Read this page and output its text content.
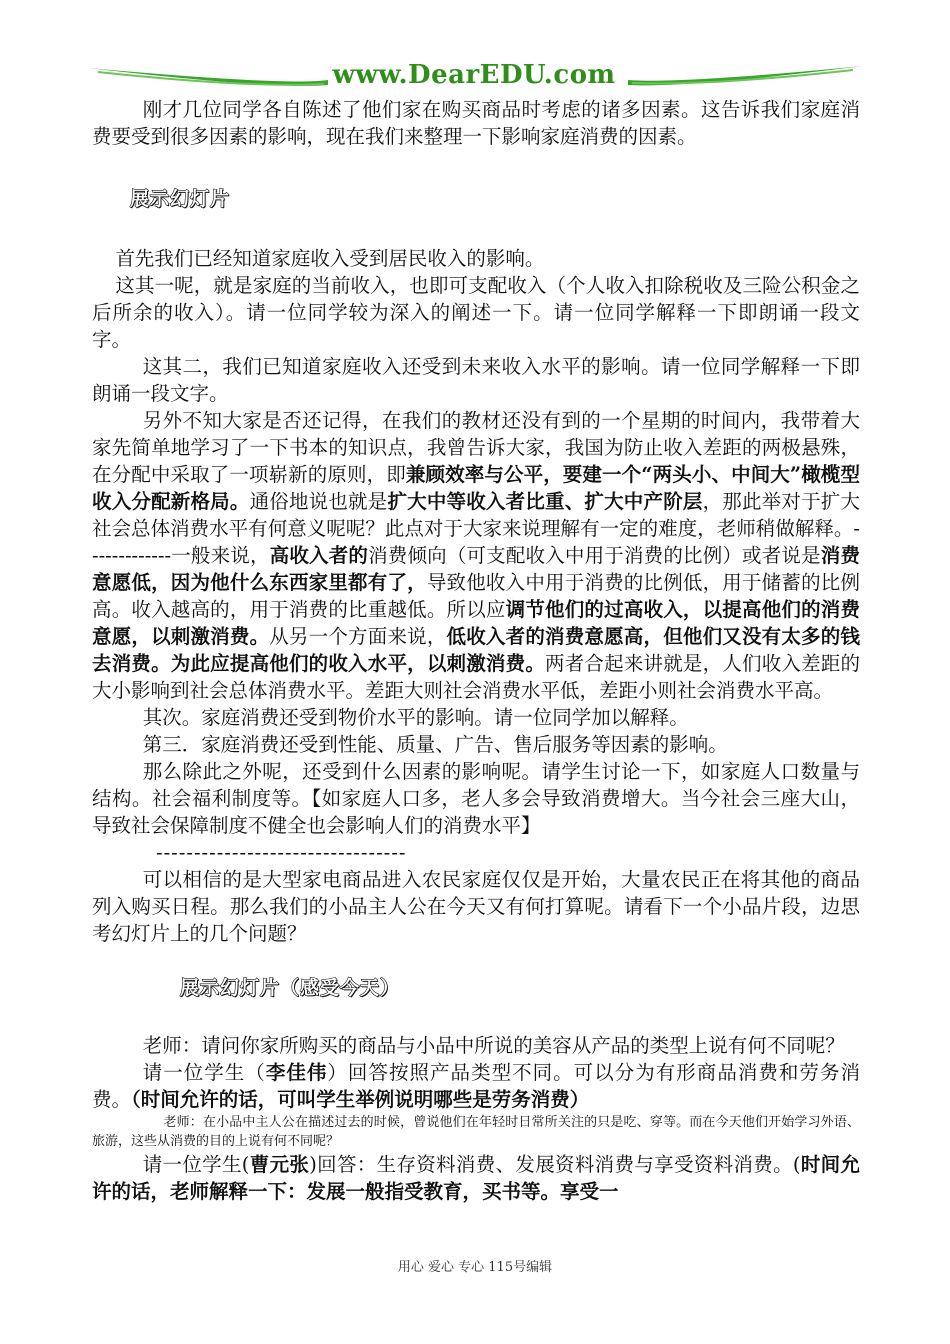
www.DearEDU.com

刚才几位同学各自陈述了他们家在购买商品时考虑的诸多因素。这告诉我们家庭消费要受到很多因素的影响，现在我们来整理一下影响家庭消费的因素。

展示幻灯片

首先我们已经知道家庭收入受到居民收入的影响。

这其一呢，就是家庭的当前收入，也即可支配收入（个人收入扣除税收及三险公积金之后所余的收入）。请一位同学较为深入的阐述一下。请一位同学解释一下即朗诵一段文字。

这其二，我们已知道家庭收入还受到未来收入水平的影响。请一位同学解释一下即朗诵一段文字。

另外不知大家是否还记得，在我们的教材还没有到的一个星期的时间内，我带着大家先简单地学习了一下书本的知识点，我曾告诉大家，我国为防止收入差距的两极悬殊，在分配中采取了一项崭新的原则，即兼顾效率与公平，要建一个“两头小、中间大”橄榄型收入分配新格局。通俗地说也就是扩大中等收入者比重、扩大中产阶层，那此举对于扩大社会总体消费水平有何意义呢呢？此点对于大家来说理解有一定的难度，老师稍做解释。-------------一般来说，高收入者的消费倾向（可支配收入中用于消费的比例）或者说是消费意愿低，因为他什么东西家里都有了，导致他收入中用于消费的比例低，用于储蓄的比例高。收入越高的，用于消费的比重越低。所以应调节他们的过高收入，以提高他们的消费意愿，以刺激消费。从另一个方面来说，低收入者的消费意愿高，但他们又没有太多的钱去消费。为此应提高他们的收入水平，以刺激消费。两者合起来讲就是，人们收入差距的大小影响到社会总体消费水平。差距大则社会消费水平低，差距小则社会消费水平高。

其次。家庭消费还受到物价水平的影响。请一位同学加以解释。

第三．家庭消费还受到性能、质量、广告、售后服务等因素的影响。

那么除此之外呢，还受到什么因素的影响呢。请学生讨论一下，如家庭人口数量与结构。社会福利制度等。【如家庭人口多，老人多会导致消费增大。当今社会三座大山，导致社会保障制度不健全也会影响人们的消费水平】

---------------------------------

可以相信的是大型家电商品进入农民家庭仅仅是开始，大量农民正在将其他的商品列入购买日程。那么我们的小品主人公在今天又有何打算呢。请看下一个小品片段，边思考幻灯片上的几个问题？

展示幻灯片（感受今天）

老师：请问你家所购买的商品与小品中所说的美容从产品的类型上说有何不同呢？

请一位学生（李佳伟）回答按照产品类型不同。可以分为有形商品消费和劳务消费。（时间允许的话，可叫学生举例说明哪些是劳务消费）

老师：在小品中主人公在描述过去的时候，曾说他们在年轻时日常所关注的只是吃、穿等。而在今天他们开始学习外语、旅游，这些从消费的目的上说有何不同呢？

请一位学生(曹元张)回答：生存资料消费、发展资料消费与享受资料消费。(时间允许的话，老师解释一下：发展一般指受教育，买书等。享受一

用心 爱心 专心 115号编辑
